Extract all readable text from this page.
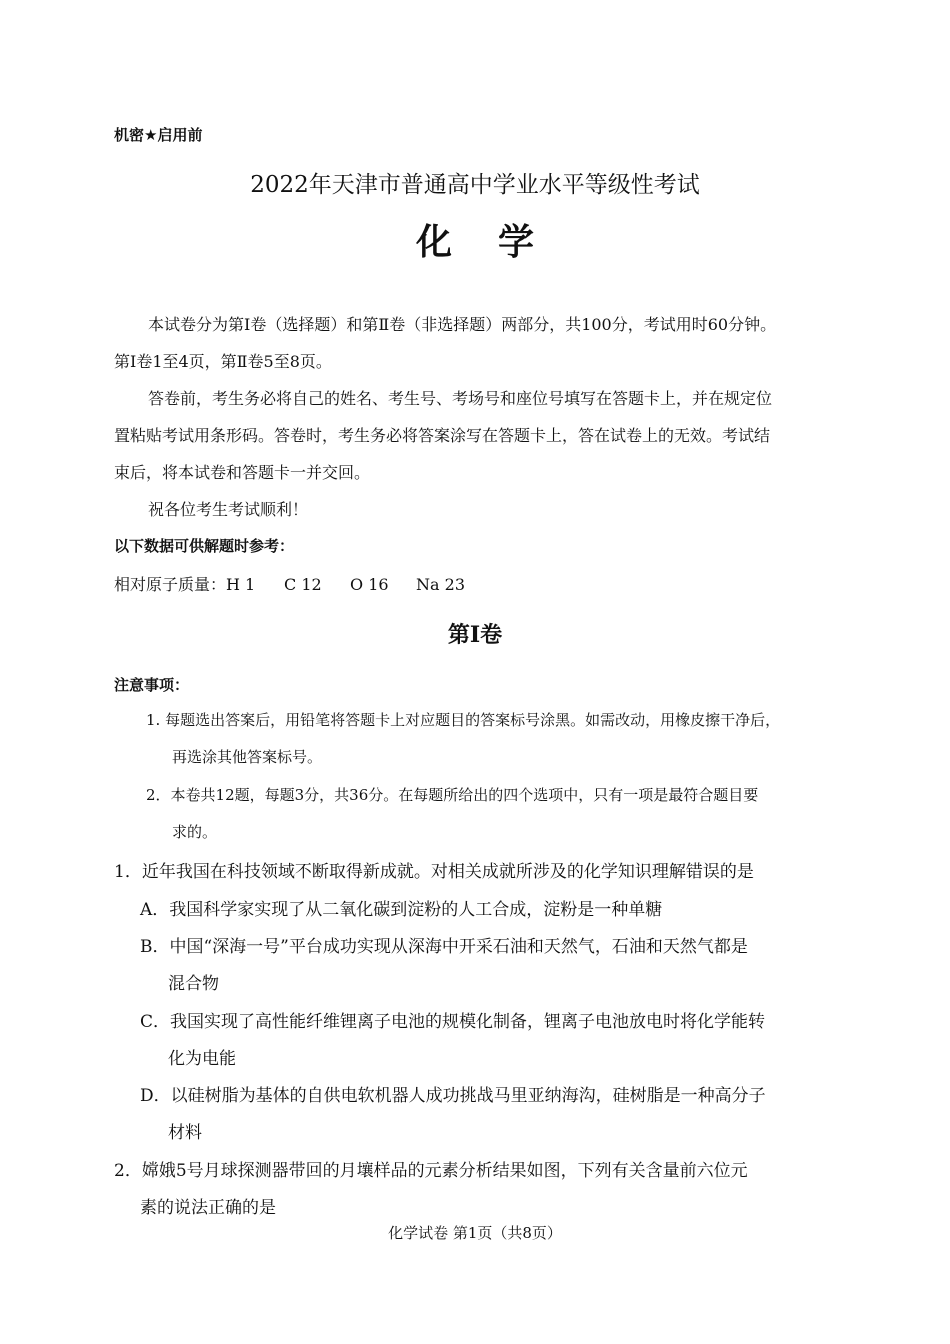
机密★启用前
2022年天津市普通高中学业水平等级性考试
化学
本试卷分为第Ⅰ卷（选择题）和第Ⅱ卷（非选择题）两部分，共100分，考试用时60分钟。
第Ⅰ卷1至4页，第Ⅱ卷5至8页。
答卷前，考生务必将自己的姓名、考生号、考场号和座位号填写在答题卡上，并在规定位
置粘贴考试用条形码。答卷时，考生务必将答案涂写在答题卡上，答在试卷上的无效。考试结
束后，将本试卷和答题卡一并交回。
祝各位考生考试顺利！
以下数据可供解题时参考：
相对原子质量：H 1 C 12 O 16 Na 23
第Ⅰ卷
注意事项：
1. 每题选出答案后，用铅笔将答题卡上对应题目的答案标号涂黑。如需改动，用橡皮擦干净后，
再选涂其他答案标号。
2．本卷共12题，每题3分，共36分。在每题所给出的四个选项中，只有一项是最符合题目要
求的。
1．近年我国在科技领域不断取得新成就。对相关成就所涉及的化学知识理解错误的是
A．我国科学家实现了从二氧化碳到淀粉的人工合成，淀粉是一种单糖
B．中国“深海一号”平台成功实现从深海中开采石油和天然气，石油和天然气都是
混合物
C．我国实现了高性能纤维锂离子电池的规模化制备，锂离子电池放电时将化学能转
化为电能
D．以硅树脂为基体的自供电软机器人成功挑战马里亚纳海沟，硅树脂是一种高分子
材料
2．嫦娥5号月球探测器带回的月壤样品的元素分析结果如图，下列有关含量前六位元
素的说法正确的是
化学试卷 第1页（共8页）
